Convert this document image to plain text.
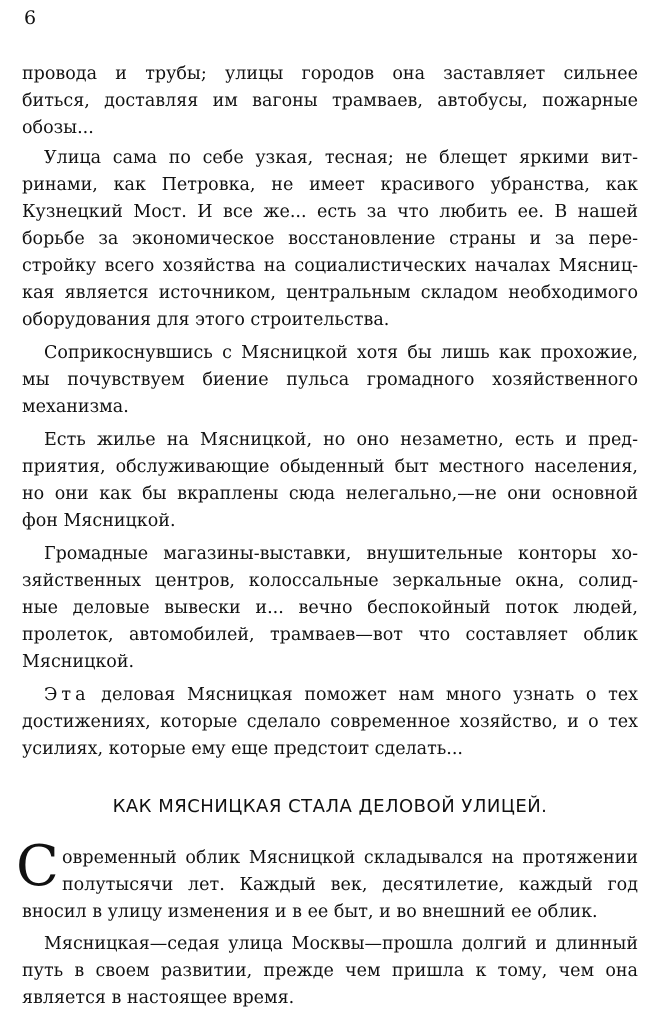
6
провода и трубы; улицы городов она заставляет сильнее
биться, доставляя им вагоны трамваев, автобусы, пожарные
обозы...
Улица сама по себе узкая, тесная; не блещет яркими вит-
ринами, как Петровка, не имеет красивого убранства, как
Кузнецкий Мост. И все же... есть за что любить ее. В нашей
борьбе за экономическое восстановление страны и за пере-
стройку всего хозяйства на социалистических началах Мясниц-
кая является источником, центральным складом необходимого
оборудования для этого строительства.
Соприкоснувшись с Мясницкой хотя бы лишь как прохожие,
мы почувствуем биение пульса громадного хозяйственного
механизма.
Есть жилье на Мясницкой, но оно незаметно, есть и пред-
приятия, обслуживающие обыденный быт местного населения,
но они как бы вкраплены сюда нелегально,—не они основной
фон Мясницкой.
Громадные магазины-выставки, внушительные конторы хо-
зяйственных центров, колоссальные зеркальные окна, солид-
ные деловые вывески и... вечно беспокойный поток людей,
пролеток, автомобилей, трамваев—вот что составляет облик
Мясницкой.
Эта деловая Мясницкая поможет нам много узнать о тех
достижениях, которые сделало современное хозяйство, и о тех
усилиях, которые ему еще предстоит сделать...
КАК МЯСНИЦКАЯ СТАЛА ДЕЛОВОЙ УЛИЦЕЙ.
С овременный облик Мясницкой складывался на протяжении
полутысячи лет. Каждый век, десятилетие, каждый год
вносил в улицу изменения и в ее быт, и во внешний ее облик.
Мясницкая—седая улица Москвы—прошла долгий и длинный
путь в своем развитии, прежде чем пришла к тому, чем она
является в настоящее время.
